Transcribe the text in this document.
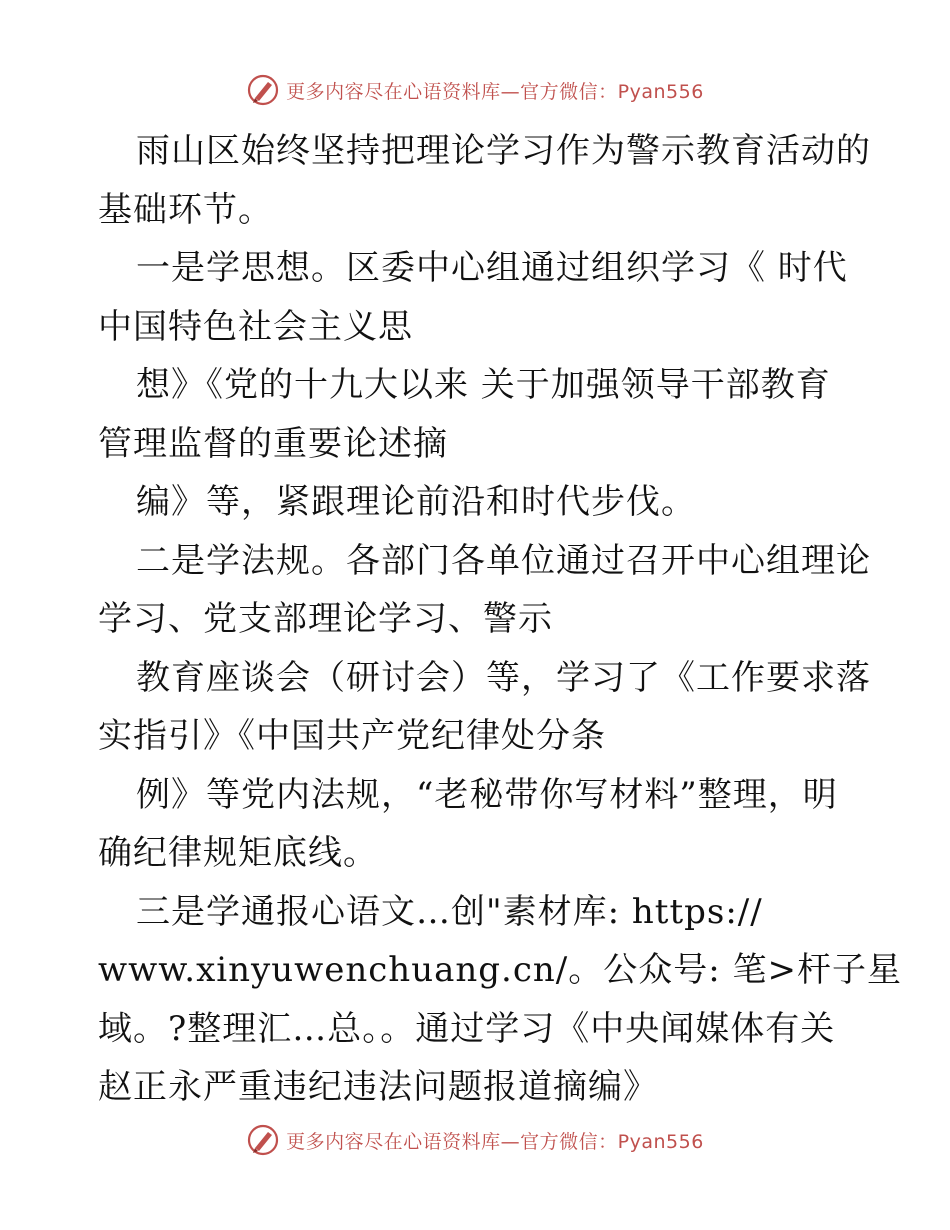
更多内容尽在心语资料库—官方微信：Pyan556
雨山区始终坚持把理论学习作为警示教育活动的
基础环节。
一是学思想。区委中心组通过组织学习《 时代
中国特色社会主义思
想》《党的十九大以来 关于加强领导干部教育
管理监督的重要论述摘
编》等，紧跟理论前沿和时代步伐。
二是学法规。各部门各单位通过召开中心组理论
学习、党支部理论学习、警示
教育座谈会（研讨会）等，学习了《工作要求落
实指引》《中国共产党纪律处分条
例》等党内法规，“老秘带你写材料”整理，明
确纪律规矩底线。
三是学通报心语文…创"素材库: https://
www.xinyuwenchuang.cn/。公众号: 笔>杆子星
域。?整理汇…总。。通过学习《中央闻媒体有关
赵正永严重违纪违法问题报道摘编》
更多内容尽在心语资料库—官方微信：Pyan556
